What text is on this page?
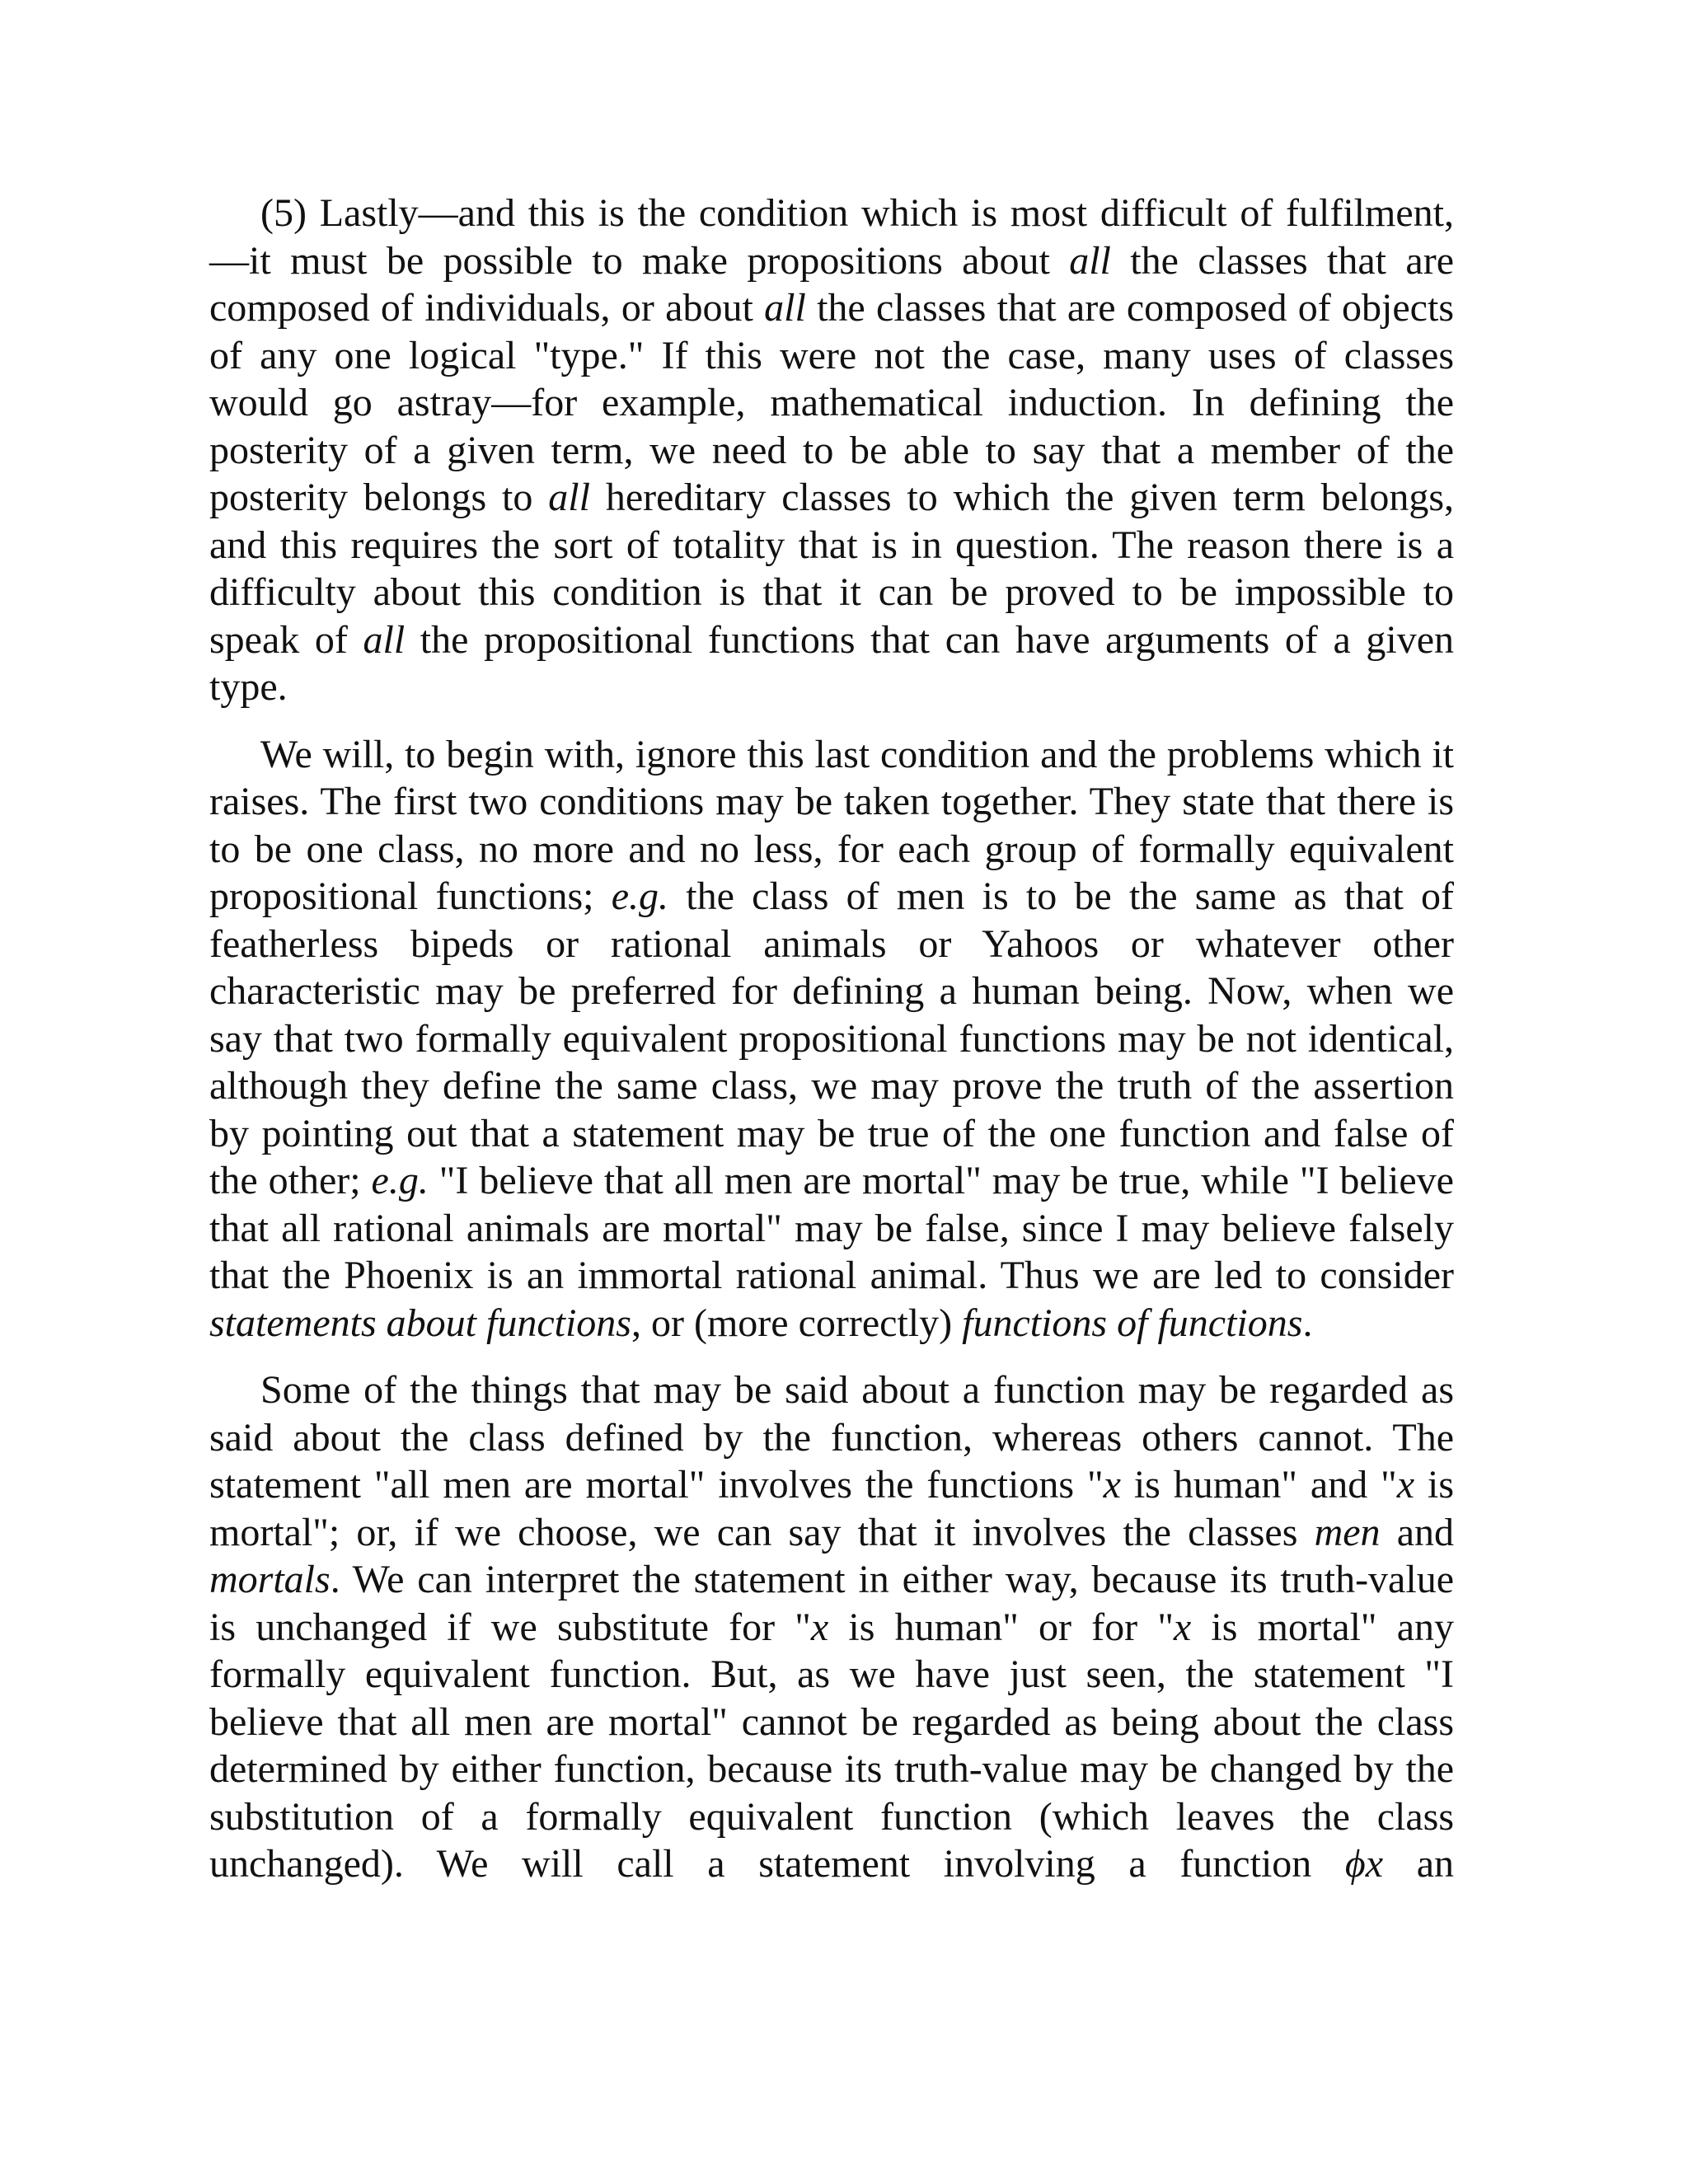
(5) Lastly—and this is the condition which is most difficult of fulfilment, —it must be possible to make propositions about all the classes that are composed of individuals, or about all the classes that are composed of objects of any one logical "type." If this were not the case, many uses of classes would go astray—for example, mathematical induction. In defining the posterity of a given term, we need to be able to say that a member of the posterity belongs to all hereditary classes to which the given term belongs, and this requires the sort of totality that is in question. The reason there is a difficulty about this condition is that it can be proved to be impossible to speak of all the propositional functions that can have arguments of a given type.

We will, to begin with, ignore this last condition and the problems which it raises. The first two conditions may be taken together. They state that there is to be one class, no more and no less, for each group of formally equivalent propositional functions; e.g. the class of men is to be the same as that of featherless bipeds or rational animals or Yahoos or whatever other characteristic may be preferred for defining a human being. Now, when we say that two formally equivalent propositional functions may be not identical, although they define the same class, we may prove the truth of the assertion by pointing out that a statement may be true of the one function and false of the other; e.g. "I believe that all men are mortal" may be true, while "I believe that all rational animals are mortal" may be false, since I may believe falsely that the Phoenix is an immortal rational animal. Thus we are led to consider statements about functions, or (more correctly) functions of functions.

Some of the things that may be said about a function may be regarded as said about the class defined by the function, whereas others cannot. The statement "all men are mortal" involves the functions "x is human" and "x is mortal"; or, if we choose, we can say that it involves the classes men and mortals. We can interpret the statement in either way, because its truth-value is unchanged if we substitute for "x is human" or for "x is mortal" any formally equivalent function. But, as we have just seen, the statement "I believe that all men are mortal" cannot be regarded as being about the class determined by either function, because its truth-value may be changed by the substitution of a formally equivalent function (which leaves the class unchanged). We will call a statement involving a function ϕx an
